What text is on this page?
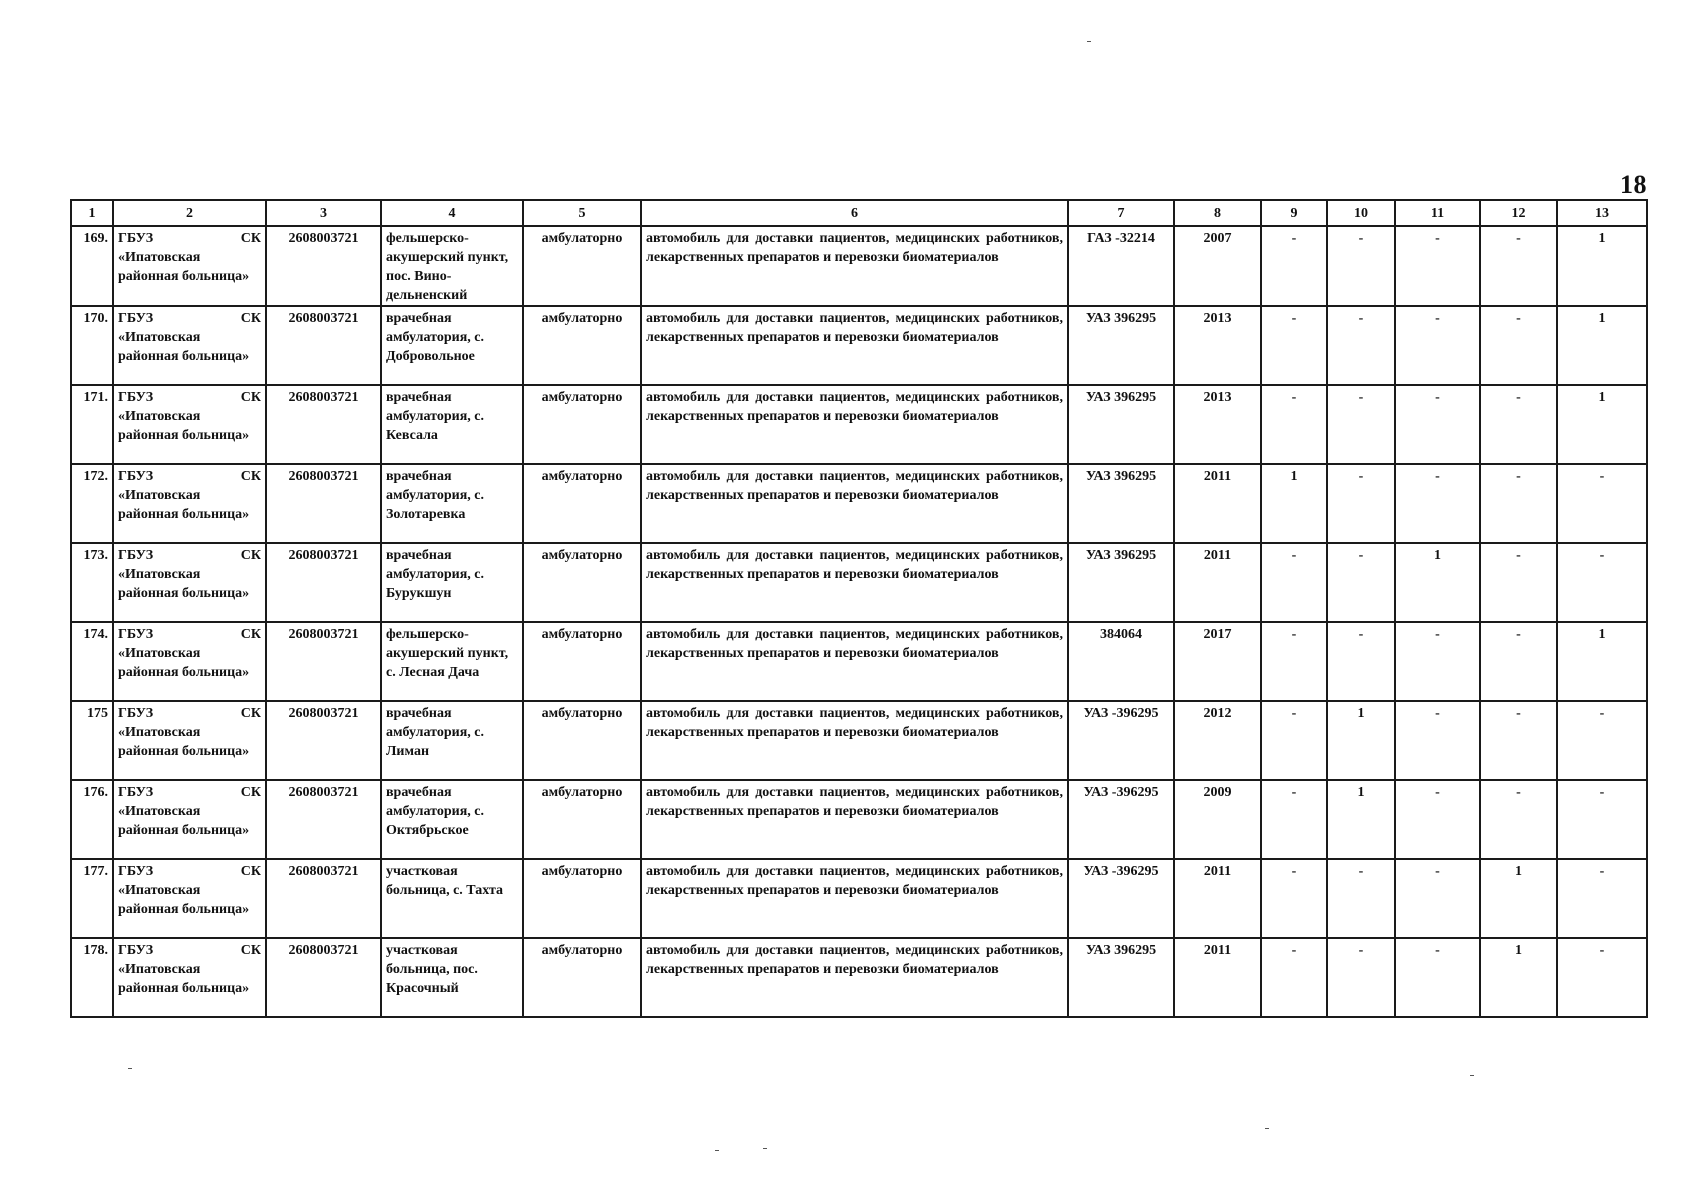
18
1	2	3	4	5	6	7	8	9	10	11	12	13
169.	ГБУЗ СК «Ипатовская районная больница»	2608003721	фельшерско-акушерский пункт, пос. Вино-дельненский	амбулаторно	автомобиль для доставки пациентов, медицинских работников, лекарственных препаратов и перевозки биоматериалов	ГАЗ -32214	2007	-	-	-	-	1
170.	ГБУЗ СК «Ипатовская районная больница»	2608003721	врачебная амбулатория, с. Добровольное	амбулаторно	автомобиль для доставки пациентов, медицинских работников, лекарственных препаратов и перевозки биоматериалов	УАЗ 396295	2013	-	-	-	-	1
171.	ГБУЗ СК «Ипатовская районная больница»	2608003721	врачебная амбулатория, с. Кевсала	амбулаторно	автомобиль для доставки пациентов, медицинских работников, лекарственных препаратов и перевозки биоматериалов	УАЗ 396295	2013	-	-	-	-	1
172.	ГБУЗ СК «Ипатовская районная больница»	2608003721	врачебная амбулатория, с. Золотаревка	амбулаторно	автомобиль для доставки пациентов, медицинских работников, лекарственных препаратов и перевозки биоматериалов	УАЗ 396295	2011	1	-	-	-	-
173.	ГБУЗ СК «Ипатовская районная больница»	2608003721	врачебная амбулатория, с. Бурукшун	амбулаторно	автомобиль для доставки пациентов, медицинских работников, лекарственных препаратов и перевозки биоматериалов	УАЗ 396295	2011	-	-	1	-	-
174.	ГБУЗ СК «Ипатовская районная больница»	2608003721	фельшерско-акушерский пункт, с. Лесная Дача	амбулаторно	автомобиль для доставки пациентов, медицинских работников, лекарственных препаратов и перевозки биоматериалов	384064	2017	-	-	-	-	1
175	ГБУЗ СК «Ипатовская районная больница»	2608003721	врачебная амбулатория, с. Лиман	амбулаторно	автомобиль для доставки пациентов, медицинских работников, лекарственных препаратов и перевозки биоматериалов	УАЗ -396295	2012	-	1	-	-	-
176.	ГБУЗ СК «Ипатовская районная больница»	2608003721	врачебная амбулатория, с. Октябрьское	амбулаторно	автомобиль для доставки пациентов, медицинских работников, лекарственных препаратов и перевозки биоматериалов	УАЗ -396295	2009	-	1	-	-	-
177.	ГБУЗ СК «Ипатовская районная больница»	2608003721	участковая больница, с. Тахта	амбулаторно	автомобиль для доставки пациентов, медицинских работников, лекарственных препаратов и перевозки биоматериалов	УАЗ -396295	2011	-	-	-	1	-
178.	ГБУЗ СК «Ипатовская районная больница»	2608003721	участковая больница, пос. Красочный	амбулаторно	автомобиль для доставки пациентов, медицинских работников, лекарственных препаратов и перевозки биоматериалов	УАЗ 396295	2011	-	-	-	1	-
